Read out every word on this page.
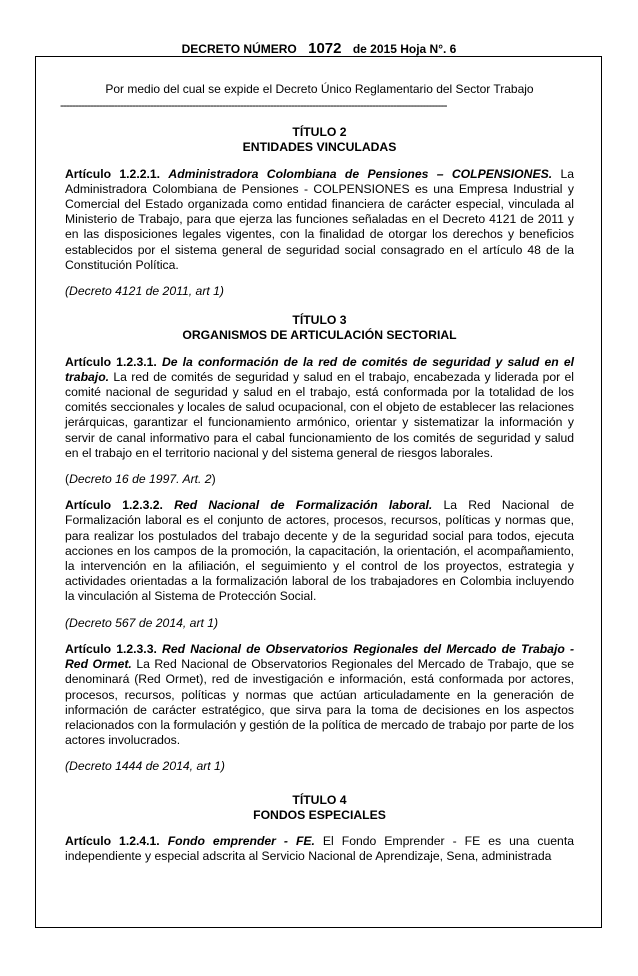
DECRETO NÚMERO 1072 de 2015 Hoja N°. 6

Por medio del cual se expide el Decreto Único Reglamentario del Sector Trabajo

---------------------------------------------------------------------------------------------------------------------------------

TÍTULO 2

ENTIDADES VINCULADAS

Artículo 1.2.2.1. Administradora Colombiana de Pensiones – COLPENSIONES. La Administradora Colombiana de Pensiones - COLPENSIONES es una Empresa Industrial y Comercial del Estado organizada como entidad financiera de carácter especial, vinculada al Ministerio de Trabajo, para que ejerza las funciones señaladas en el Decreto 4121 de 2011 y en las disposiciones legales vigentes, con la finalidad de otorgar los derechos y beneficios establecidos por el sistema general de seguridad social consagrado en el artículo 48 de la Constitución Política.

(Decreto 4121 de 2011, art 1)

TÍTULO 3

ORGANISMOS DE ARTICULACIÓN SECTORIAL

Artículo 1.2.3.1. De la conformación de la red de comités de seguridad y salud en el trabajo. La red de comités de seguridad y salud en el trabajo, encabezada y liderada por el comité nacional de seguridad y salud en el trabajo, está conformada por la totalidad de los comités seccionales y locales de salud ocupacional, con el objeto de establecer las relaciones jerárquicas, garantizar el funcionamiento armónico, orientar y sistematizar la información y servir de canal informativo para el cabal funcionamiento de los comités de seguridad y salud en el trabajo en el territorio nacional y del sistema general de riesgos laborales.

(Decreto 16 de 1997. Art. 2)

Artículo 1.2.3.2. Red Nacional de Formalización laboral. La Red Nacional de Formalización laboral es el conjunto de actores, procesos, recursos, políticas y normas que, para realizar los postulados del trabajo decente y de la seguridad social para todos, ejecuta acciones en los campos de la promoción, la capacitación, la orientación, el acompañamiento, la intervención en la afiliación, el seguimiento y el control de los proyectos, estrategia y actividades orientadas a la formalización laboral de los trabajadores en Colombia incluyendo la vinculación al Sistema de Protección Social.

(Decreto 567 de 2014, art 1)

Artículo 1.2.3.3. Red Nacional de Observatorios Regionales del Mercado de Trabajo - Red Ormet. La Red Nacional de Observatorios Regionales del Mercado de Trabajo, que se denominará (Red Ormet), red de investigación e información, está conformada por actores, procesos, recursos, políticas y normas que actúan articuladamente en la generación de información de carácter estratégico, que sirva para la toma de decisiones en los aspectos relacionados con la formulación y gestión de la política de mercado de trabajo por parte de los actores involucrados.

(Decreto 1444 de 2014, art 1)

TÍTULO 4

FONDOS ESPECIALES

Artículo 1.2.4.1. Fondo emprender - FE. El Fondo Emprender - FE es una cuenta independiente y especial adscrita al Servicio Nacional de Aprendizaje, Sena, administrada
